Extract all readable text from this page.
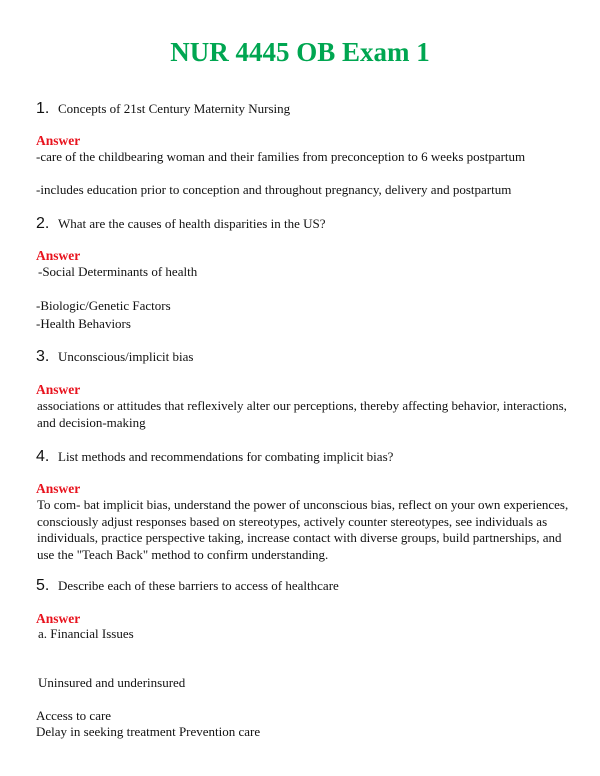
NUR 4445 OB Exam 1
1. Concepts of 21st Century Maternity Nursing
Answer
-care of the childbearing woman and their families from preconception to 6 weeks postpartum
-includes education prior to conception and throughout pregnancy, delivery and postpartum
2. What are the causes of health disparities in the US?
Answer
-Social Determinants of health
-Biologic/Genetic Factors
-Health Behaviors
3. Unconscious/implicit bias
Answer
associations or attitudes that reflexively alter our perceptions, thereby affecting behavior, interactions, and decision-making
4. List methods and recommendations for combating implicit bias?
Answer
To com- bat implicit bias, understand the power of unconscious bias, reflect on your own experiences, consciously adjust responses based on stereotypes, actively counter stereotypes, see individuals as individuals, practice perspective taking, increase contact with diverse groups, build partnerships, and use the "Teach Back" method to confirm understanding.
5. Describe each of these barriers to access of healthcare
Answer
a. Financial Issues
Uninsured and underinsured
Access to care
Delay in seeking treatment Prevention care
